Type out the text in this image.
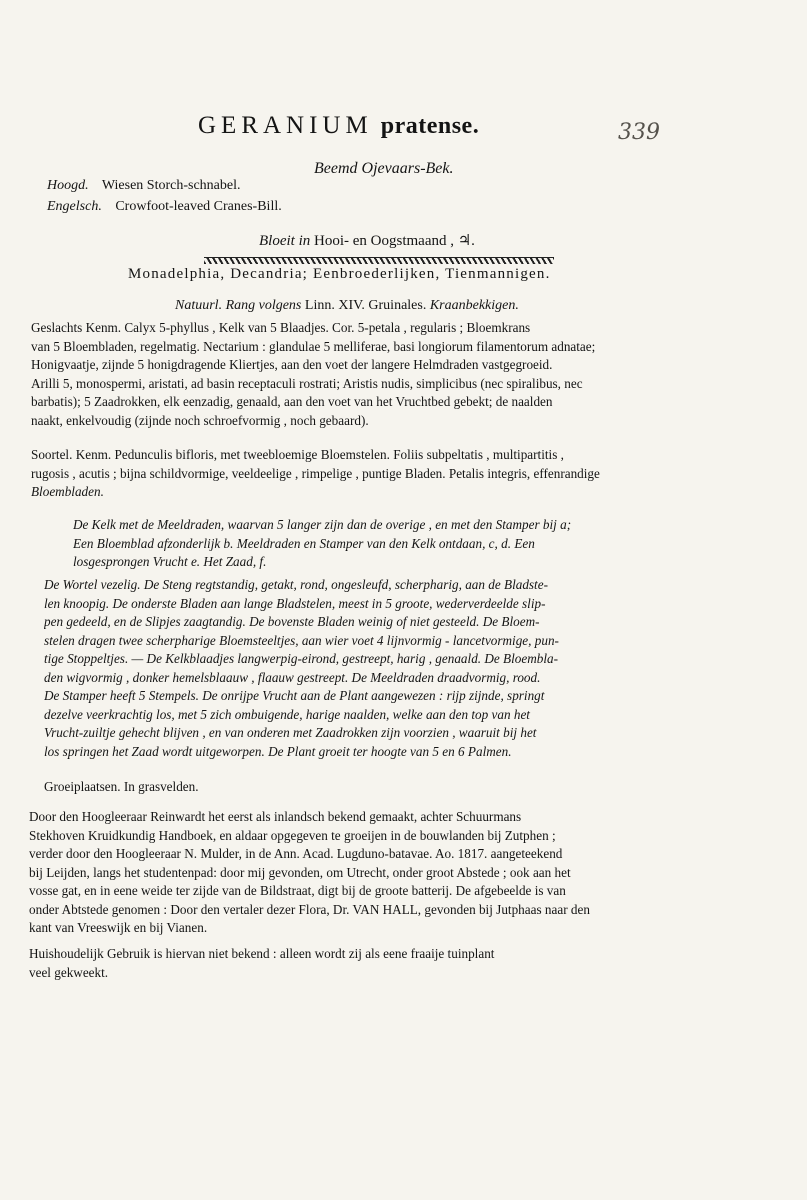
GERANIUM pratense.	339
Beemd Ojevaars-Bek.
Hoogd. Wiesen Storch-schnabel.
Engelsch. Crowfoot-leaved Cranes-Bill.
Bloeit in Hooi- en Oogstmaand , ♃.
Monadelphia, Decandria; Eenbroederlijken, Tienmannigen.
Natuurl. Rang volgens Linn. XIV. Gruinales. Kraanbekkigen.
Geslachts Kenm. Calyx 5-phyllus , Kelk van 5 Blaadjes. Cor. 5-petala , regularis ; Bloemkrans
van 5 Bloembladen, regelmatig. Nectarium : glandulae 5 melliferae, basi longiorum filamentorum adnatae;
Honigvaatje, zijnde 5 honigdragende Kliertjes, aan den voet der langere Helmdraden vastgegroeid.
Arilli 5, monospermi, aristati, ad basin receptaculi rostrati; Aristis nudis, simplicibus (nec spiralibus, nec
barbatis); 5 Zaadrokken, elk eenzadig, genaald, aan den voet van het Vruchtbed gebekt; de naalden
naakt, enkelvoudig (zijnde noch schroefvormig , noch gebaard).
Soortel. Kenm. Pedunculis bifloris, met tweebloemige Bloemstelen. Foliis subpeltatis , multipartitis ,
rugosis , acutis ; bijna schildvormige, veeldeelige , rimpelige , puntige Bladen. Petalis integris, effenrandige
Bloembladen.
De Kelk met de Meeldraden, waarvan 5 langer zijn dan de overige , en met den Stamper bij a;
Een Bloemblad afzonderlijk b. Meeldraden en Stamper van den Kelk ontdaan, c, d. Een
losgesprongen Vrucht e. Het Zaad, f.
De Wortel vezelig. De Steng regtstandig, getakt, rond, ongesleufd, scherpharig, aan de Bladste-
len knoopig. De onderste Bladen aan lange Bladstelen, meest in 5 groote, wederverdeelde slip-
pen gedeeld, en de Slipjes zaagtandig. De bovenste Bladen weinig of niet gesteeld. De Bloem-
stelen dragen twee scherpharige Bloemsteeltjes, aan wier voet 4 lijnvormig - lancetvormige, pun-
tige Stoppeltjes. — De Kelkblaadjes langwerpig-eirond, gestreept, harig , genaald. De Bloembla-
den wigvormig , donker hemelsblaauw , flaauw gestreept. De Meeldraden draadvormig, rood.
De Stamper heeft 5 Stempels. De onrijpe Vrucht aan de Plant aangewezen : rijp zijnde, springt
dezelve veerkrachtig los, met 5 zich ombuigende, harige naalden, welke aan den top van het
Vrucht-zuiltje gehecht blijven , en van onderen met Zaadrokken zijn voorzien , waaruit bij het
los springen het Zaad wordt uitgeworpen. De Plant groeit ter hoogte van 5 en 6 Palmen.
Groeiplaatsen. In grasvelden.
Door den Hoogleeraar Reinwardt het eerst als inlandsch bekend gemaakt, achter Schuurmans
Stekhoven Kruidkundig Handboek, en aldaar opgegeven te groeijen in de bouwlanden bij Zutphen ;
verder door den Hoogleeraar N. Mulder, in de Ann. Acad. Lugduno-batavae. Ao. 1817. aangeteekend
bij Leijden, langs het studentenpad: door mij gevonden, om Utrecht, onder groot Abstede ; ook aan het
vosse gat, en in eene weide ter zijde van de Bildstraat, digt bij de groote batterij. De afgebeelde is van
onder Abtstede genomen : Door den vertaler dezer Flora, Dr. VAN HALL, gevonden bij Jutphaas naar den
kant van Vreeswijk en bij Vianen.
Huishoudelijk Gebruik is hiervan niet bekend : alleen wordt zij als eene fraaije tuinplant
veel gekweekt.
